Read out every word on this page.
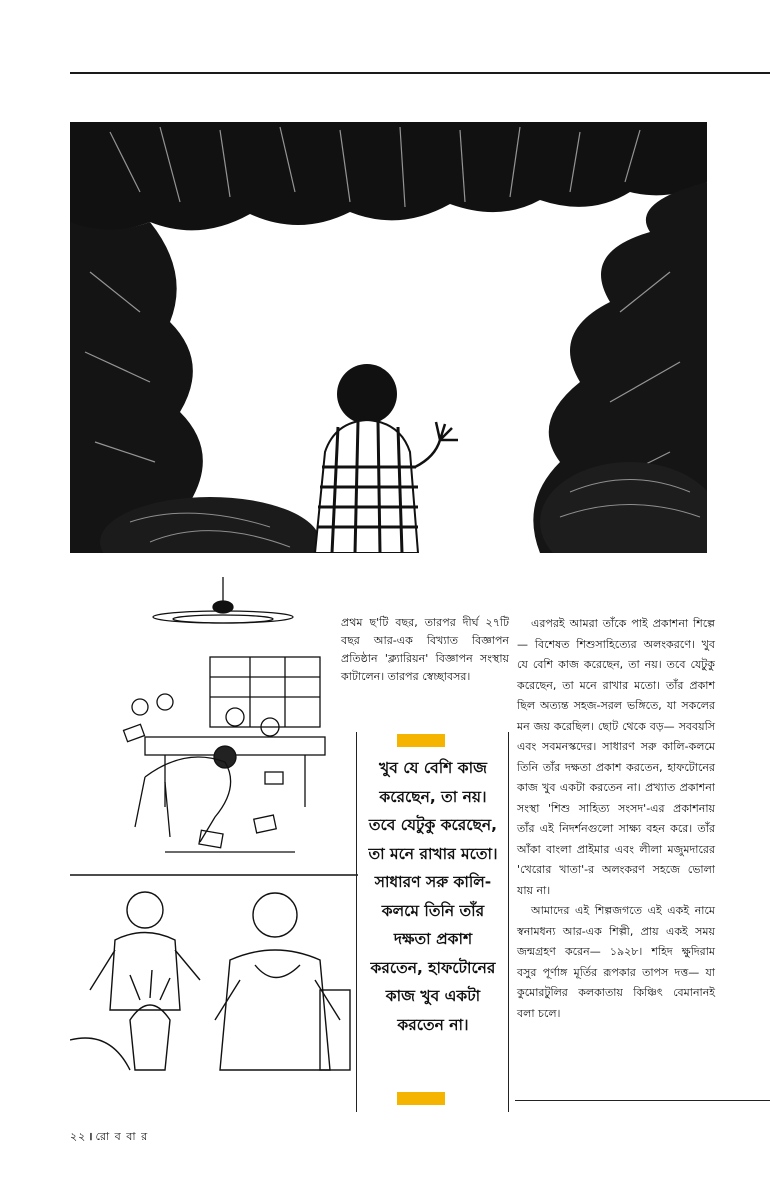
প্রথম ছ'টি বছর, তারপর দীর্ঘ ২৭টি বছর আর-এক বিখ্যাত বিজ্ঞাপন প্রতিষ্ঠান 'ক্ল্যারিয়ন' বিজ্ঞাপন সংস্থায় কাটালেন। তারপর স্বেচ্ছাবসর।

খুব যে বেশি কাজ করেছেন, তা নয়। তবে যেটুকু করেছেন, তা মনে রাখার মতো। সাধারণ সরু কালি-কলমে তিনি তাঁর দক্ষতা প্রকাশ করতেন, হাফটোনের কাজ খুব একটা করতেন না।

এরপরই আমরা তাঁকে পাই প্রকাশনা শিল্পে— বিশেষত শিশুসাহিত্যের অলংকরণে। খুব যে বেশি কাজ করেছেন, তা নয়। তবে যেটুকু করেছেন, তা মনে রাখার মতো। তাঁর প্রকাশ ছিল অত্যন্ত সহজ-সরল ভঙ্গিতে, যা সকলের মন জয় করেছিল। ছোট থেকে বড়— সববয়সি এবং সবমনস্কদের। সাধারণ সরু কালি-কলমে তিনি তাঁর দক্ষতা প্রকাশ করতেন, হাফটোনের কাজ খুব একটা করতেন না। প্রখ্যাত প্রকাশনা সংস্থা 'শিশু সাহিত্য সংসদ'-এর প্রকাশনায় তাঁর এই নিদর্শনগুলো সাক্ষ্য বহন করে। তাঁর আঁকা বাংলা প্রাইমার এবং লীলা মজুমদারের 'খেরোর খাতা'-র অলংকরণ সহজে ভোলা যায় না।

আমাদের এই শিল্পজগতে এই একই নামে স্বনামধন্য আর-এক শিল্পী, প্রায় একই সময় জন্মগ্রহণ করেন— ১৯২৮। শহিদ ক্ষুদিরাম বসুর পূর্ণাঙ্গ মূর্তির রূপকার তাপস দত্ত— যা কুমোরটুলির কলকাতায় কিঞ্চিৎ বেমানানই বলা চলে।

২২ । রো ব বা র
